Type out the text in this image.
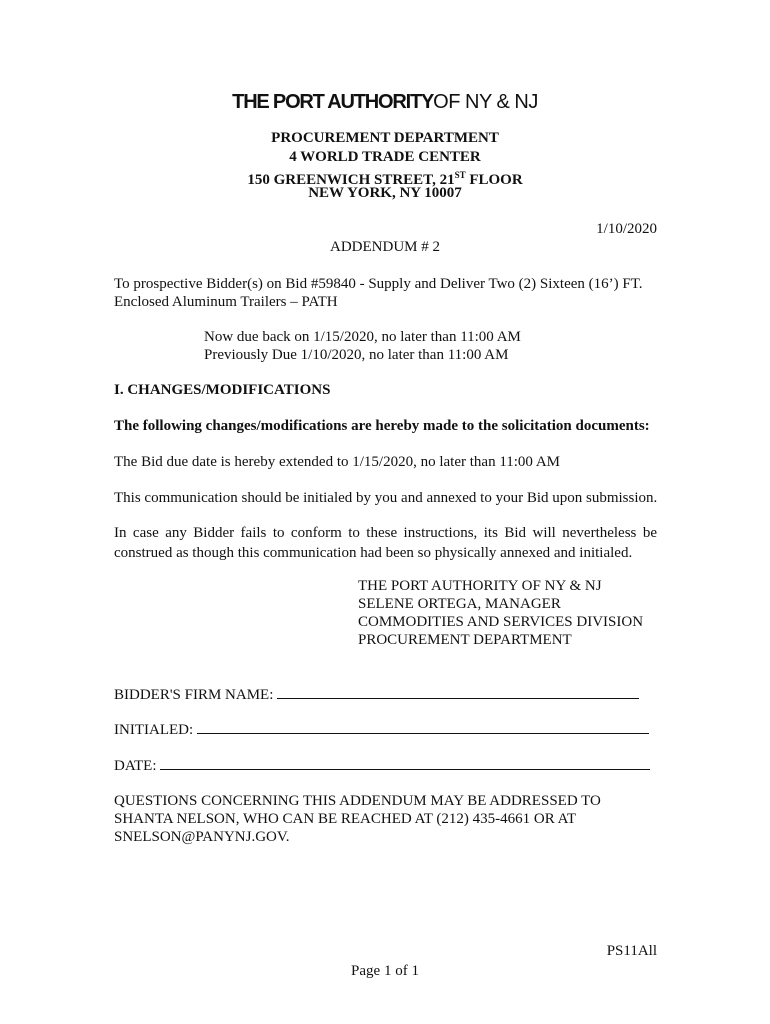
THE PORT AUTHORITYOF NY & NJ
PROCUREMENT DEPARTMENT
4 WORLD TRADE CENTER
150 GREENWICH STREET, 21ST FLOOR
NEW YORK, NY 10007
1/10/2020
ADDENDUM # 2
To prospective Bidder(s) on Bid #59840 - Supply and Deliver Two (2) Sixteen (16’) FT.
Enclosed Aluminum Trailers – PATH
Now due back on 1/15/2020, no later than 11:00 AM
Previously Due 1/10/2020, no later than 11:00 AM
I. CHANGES/MODIFICATIONS
The following changes/modifications are hereby made to the solicitation documents:
The Bid due date is hereby extended to 1/15/2020, no later than 11:00 AM
This communication should be initialed by you and annexed to your Bid upon submission.
In case any Bidder fails to conform to these instructions, its Bid will nevertheless be construed as though this communication had been so physically annexed and initialed.
THE PORT AUTHORITY OF NY & NJ
SELENE ORTEGA, MANAGER
COMMODITIES AND SERVICES DIVISION
PROCUREMENT DEPARTMENT
BIDDER'S FIRM NAME:
INITIALED:
DATE:
QUESTIONS CONCERNING THIS ADDENDUM MAY BE ADDRESSED TO
SHANTA NELSON, WHO CAN BE REACHED AT (212) 435-4661 OR AT
SNELSON@PANYNJ.GOV.
PS11All
Page 1 of 1
